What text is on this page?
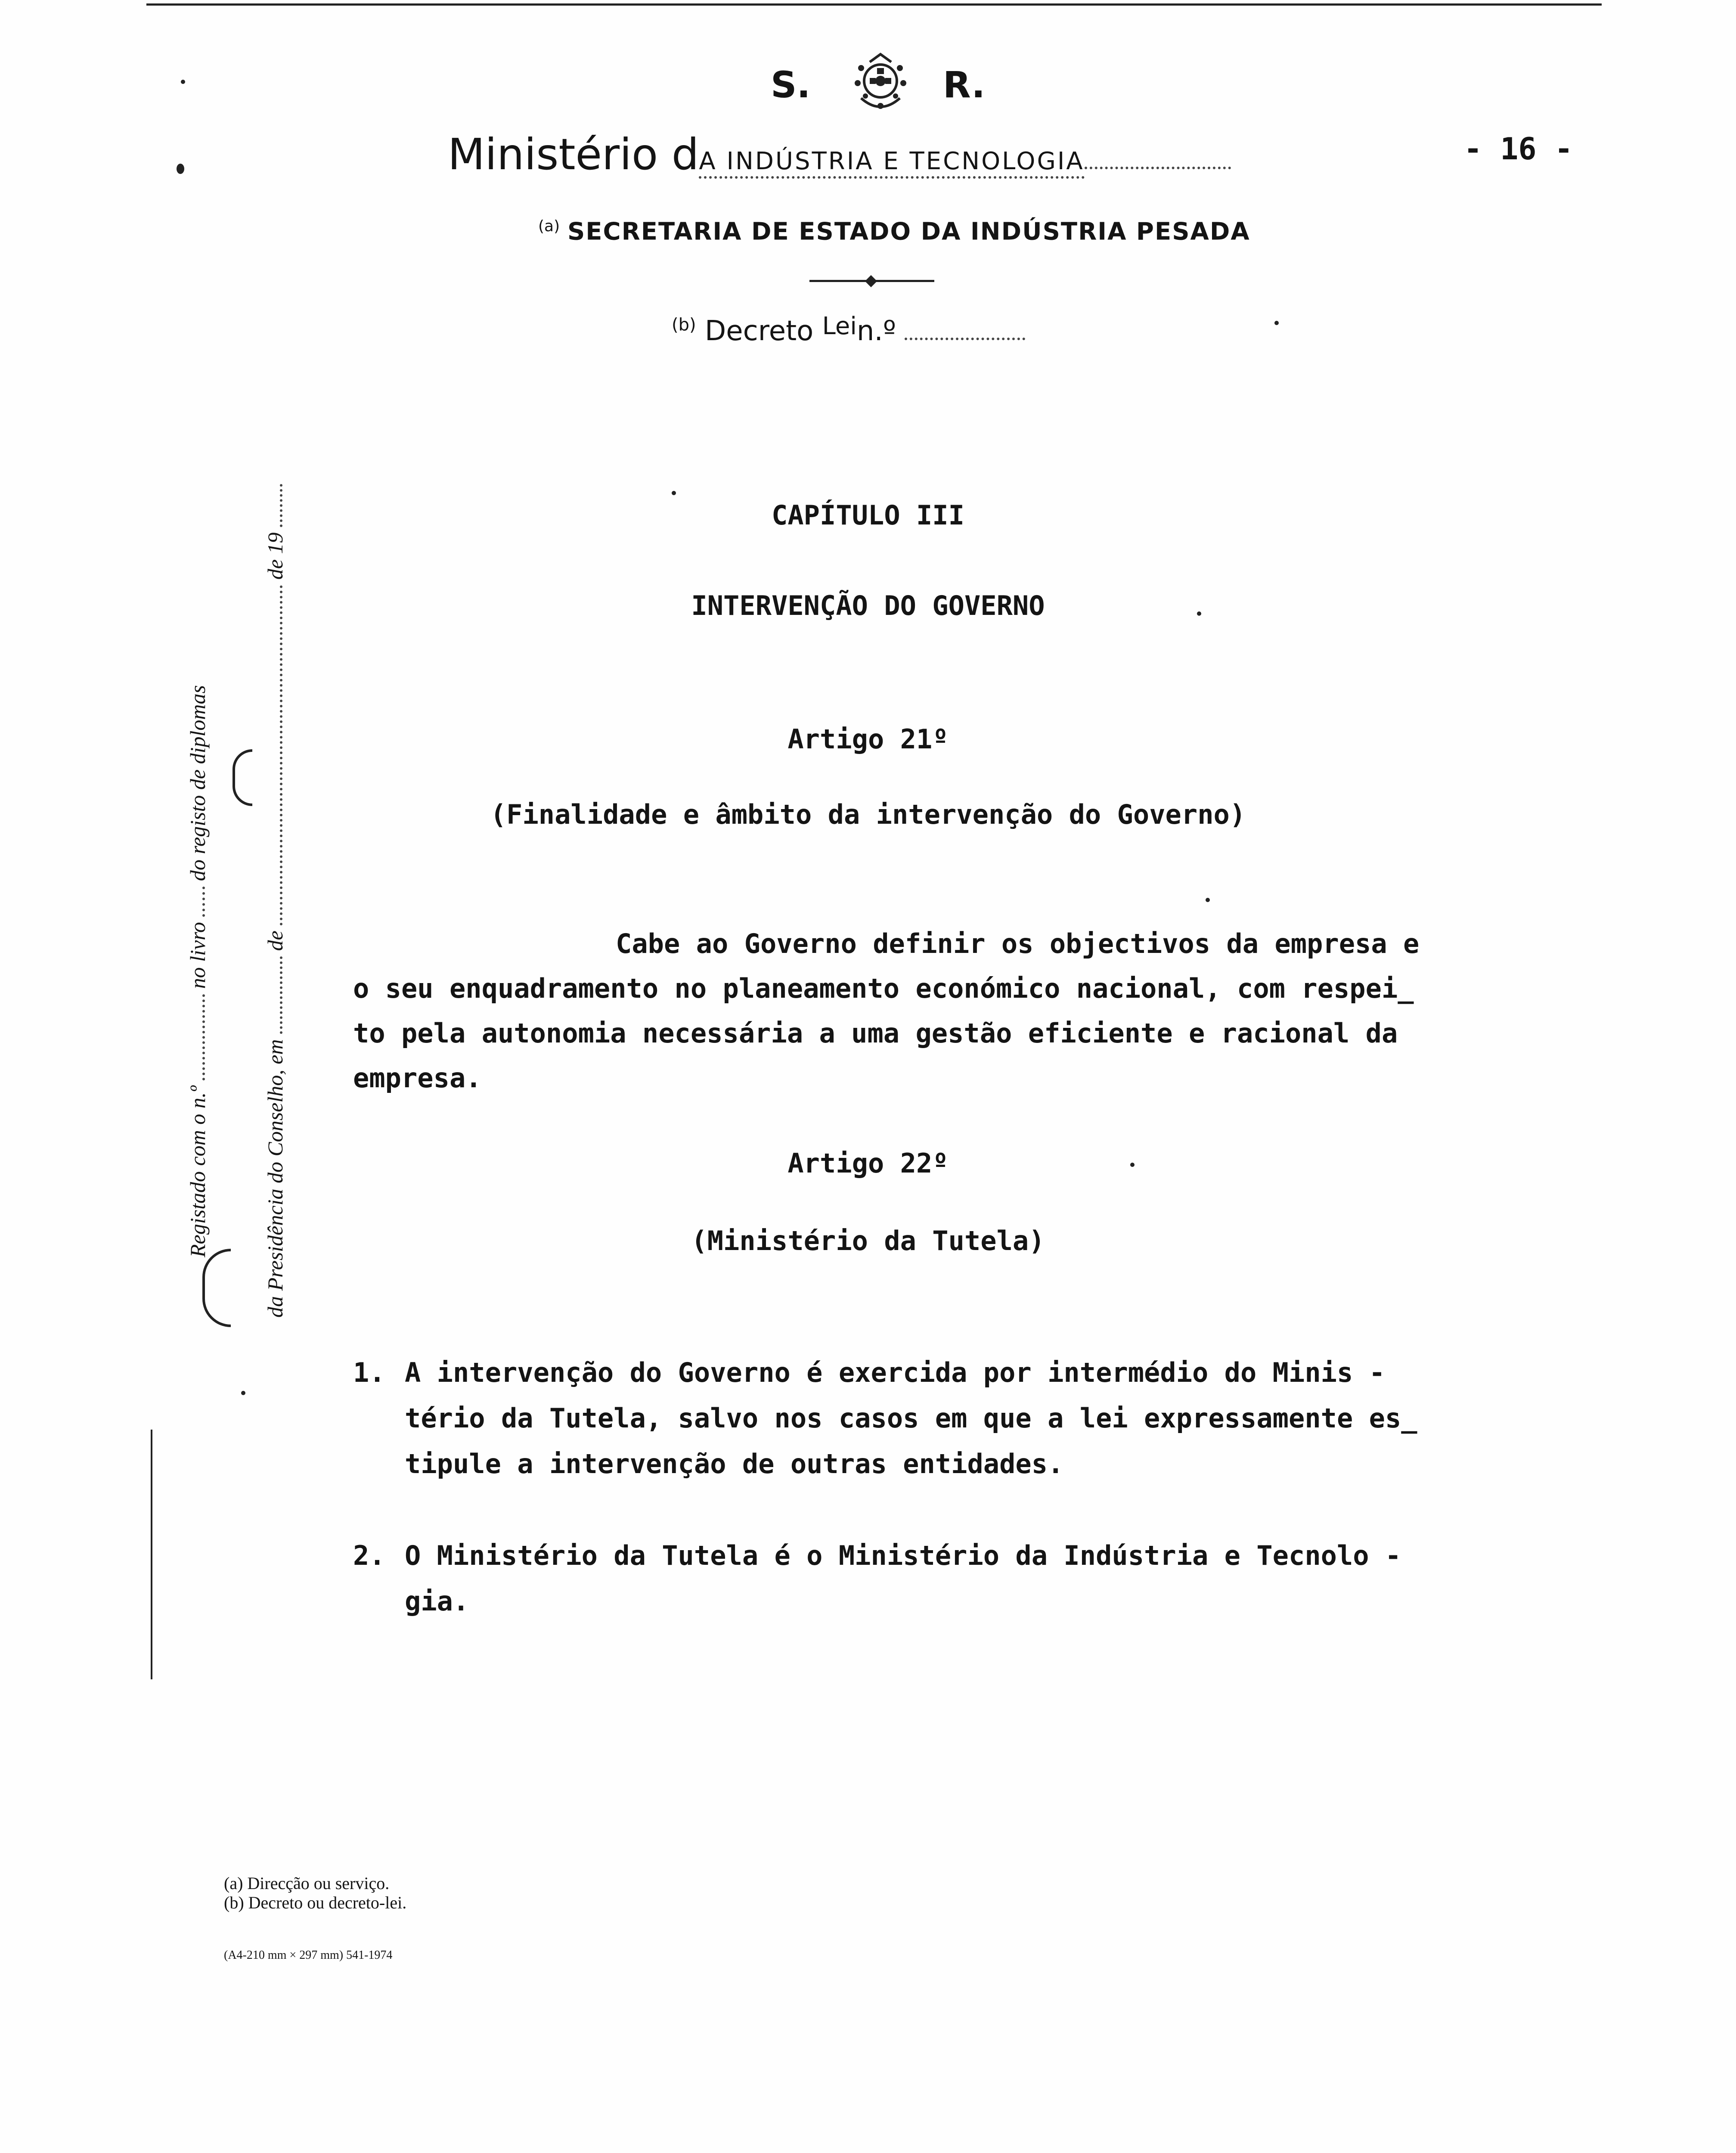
S.	R.
Ministério dA INDÚSTRIA E TECNOLOGIA	- 16 -
$^{(a)}$ SECRETARIA DE ESTADO DA INDÚSTRIA PESADA
$^{(b)}$ Decreto Lein.º
Registado com o n.º  no livro  do registo de diplomas
da Presidência do Conselho, em  de  de 19
CAPÍTULO III
INTERVENÇÃO DO GOVERNO
Artigo 21º
(Finalidade e âmbito da intervenção do Governo)
Cabe ao Governo definir os objectivos da empresa e
o seu enquadramento no planeamento económico nacional, com respei_
to pela autonomia necessária a uma gestão eficiente e racional da
empresa.
Artigo 22º
(Ministério da Tutela)
1. A intervenção do Governo é exercida por intermédio do Minis -
tério da Tutela, salvo nos casos em que a lei expressamente es_
tipule a intervenção de outras entidades.
2. O Ministério da Tutela é o Ministério da Indústria e Tecnolo -
gia.
(a) Direcção ou serviço.
(b) Decreto ou decreto-lei.
(A4-210 mm × 297 mm) 541-1974
